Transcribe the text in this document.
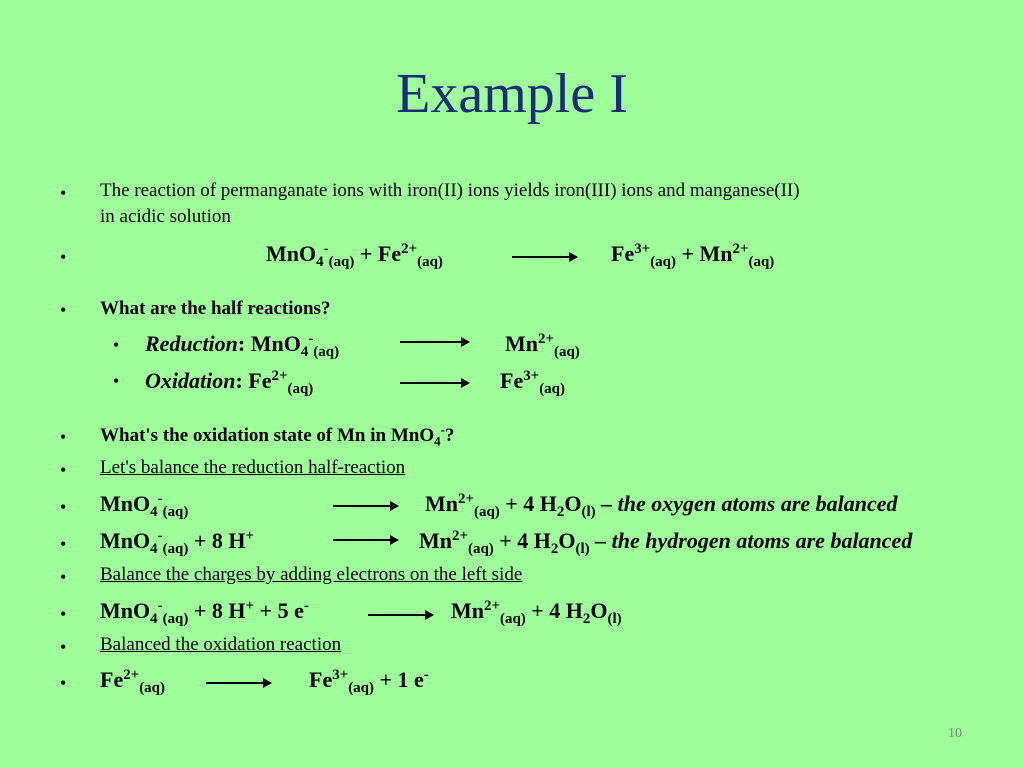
Example I
• The reaction of permanganate ions with iron(II) ions yields iron(III) ions and manganese(II)
in acidic solution
•	$MnO_4^-_{(aq)} + Fe^{2+}_{(aq)}$	$Fe^{3+}_{(aq)} + Mn^{2+}_{(aq)}$
• What are the half reactions?
• Reduction: MnO$_4$-$_{(aq)}$	$Mn^{2+}_{(aq)}$
• Oxidation: $Fe^{2+}_{(aq)}$	$Fe^{3+}_{(aq)}$
• What's the oxidation state of Mn in MnO$_4$-?
• Let's balance the reduction half-reaction
• MnO$_4$-$_{(aq)}$	$Mn^{2+}_{(aq)} + 4$ $H_2O_{(l)}$ – the oxygen atoms are balanced
• MnO$_4$-$_{(aq)}$ + 8 H+	→ $Mn^{2+}_{(aq)} + 4$ $H_2O_{(l)}$ – the hydrogen atoms are balanced
• Balance the charges by adding electrons on the left side
• MnO$_4$-$_{(aq)}$ + 8 H+ + 5 $e^- \to Mn^{2+}_{(aq)} + 4$ $H_2O_{(l)}$
• Balanced the oxidation reaction
• $Fe^{2+}_{(aq)}$	$Fe^{3+}_{(aq)} + 1$ e-
10
